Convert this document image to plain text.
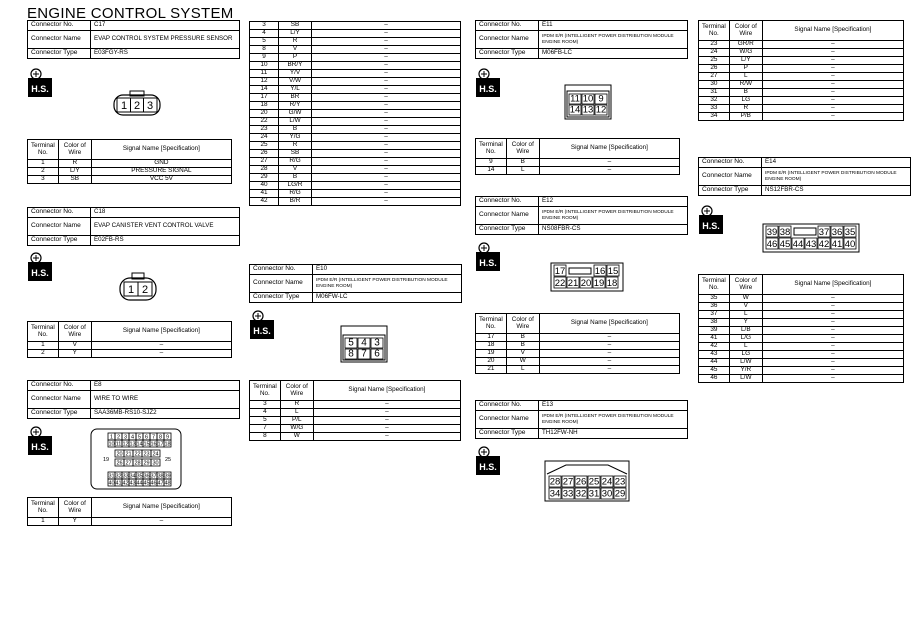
ENGINE CONTROL SYSTEM
Connector No.	C17
Connector Name	EVAP CONTROL SYSTEM PRESSURE SENSOR
Connector Type	E03FGY-RS
H.S.
1 2 3
Terminal No.	Color of Wire	Signal Name [Specification]
1	R	GND
2	L/Y	PRESSURE SIGNAL
3	SB	VCC 5V
Connector No.	C18
Connector Name	EVAP CANISTER VENT CONTROL VALVE
Connector Type	E02FB-RS
H.S.
1 2
Terminal No.	Color of Wire	Signal Name [Specification]
1	V	–
2	Y	–
Connector No.	E8
Connector Name	WIRE TO WIRE
Connector Type	SAA36MB-RS10-SJZ2
H.S.
1 2 3 4 5 6 7 8 9
10 11 12 13 14 15 16 17 18
20 21 22 23 24
26 27 28 29 30
19	25
31 32 33 34 35 36 37 38 39
40 41 42 43 44 45 46 47 48
Terminal No.	Color of Wire	Signal Name [Specification]
1	Y	–
3	SB	–
4	L/Y	–
5	R	–
8	V	–
9	P	–
10	BR/Y	–
11	Y/V	–
12	V/W	–
14	Y/L	–
17	BR	–
18	R/Y	–
20	G/W	–
22	L/W	–
23	B	–
24	Y/G	–
25	R	–
26	SB	–
27	R/G	–
28	V	–
29	B	–
40	LG/R	–
41	R/G	–
42	B/R	–
Connector No.	E10
Connector Name	IPDM E/R (INTELLIGENT POWER DISTRIBUTION MODULE ENGINE ROOM)
Connector Type	M06FW-LC
H.S.
5 4 3
8 7 6
Terminal No.	Color of Wire	Signal Name [Specification]
3	R	–
4	L	–
5	P/L	–
7	W/G	–
8	W	–
Connector No.	E11
Connector Name	IPDM E/R (INTELLIGENT POWER DISTRIBUTION MODULE ENGINE ROOM)
Connector Type	M06FB-LC
H.S.
11 10 9
14 13 12
Terminal No.	Color of Wire	Signal Name [Specification]
9	B	–
14	L	–
Connector No.	E12
Connector Name	IPDM E/R (INTELLIGENT POWER DISTRIBUTION MODULE ENGINE ROOM)
Connector Type	NS08FBR-CS
H.S.
17	16 15
22 21 20 19 18
Terminal No.	Color of Wire	Signal Name [Specification]
17	B	–
18	B	–
19	V	–
20	W	–
21	L	–
Connector No.	E13
Connector Name	IPDM E/R (INTELLIGENT POWER DISTRIBUTION MODULE ENGINE ROOM)
Connector Type	TH12FW-NH
H.S.
28 27 26 25 24 23
34 33 32 31 30 29
Terminal No.	Color of Wire	Signal Name [Specification]
23	GR/R	–
24	W/G	–
25	L/Y	–
26	P	–
27	L	–
30	R/W	–
31	B	–
32	LG	–
33	R	–
34	P/B	–
Connector No.	E14
Connector Name	IPDM E/R (INTELLIGENT POWER DISTRIBUTION MODULE ENGINE ROOM)
Connector Type	NS12FBR-CS
H.S.
39 38	37 36 35
46 45 44 43 42 41 40
Terminal No.	Color of Wire	Signal Name [Specification]
35	W	–
36	V	–
37	L	–
38	Y	–
39	L/B	–
41	L/G	–
42	L	–
43	LG	–
44	L/W	–
45	Y/R	–
46	L/W	–
